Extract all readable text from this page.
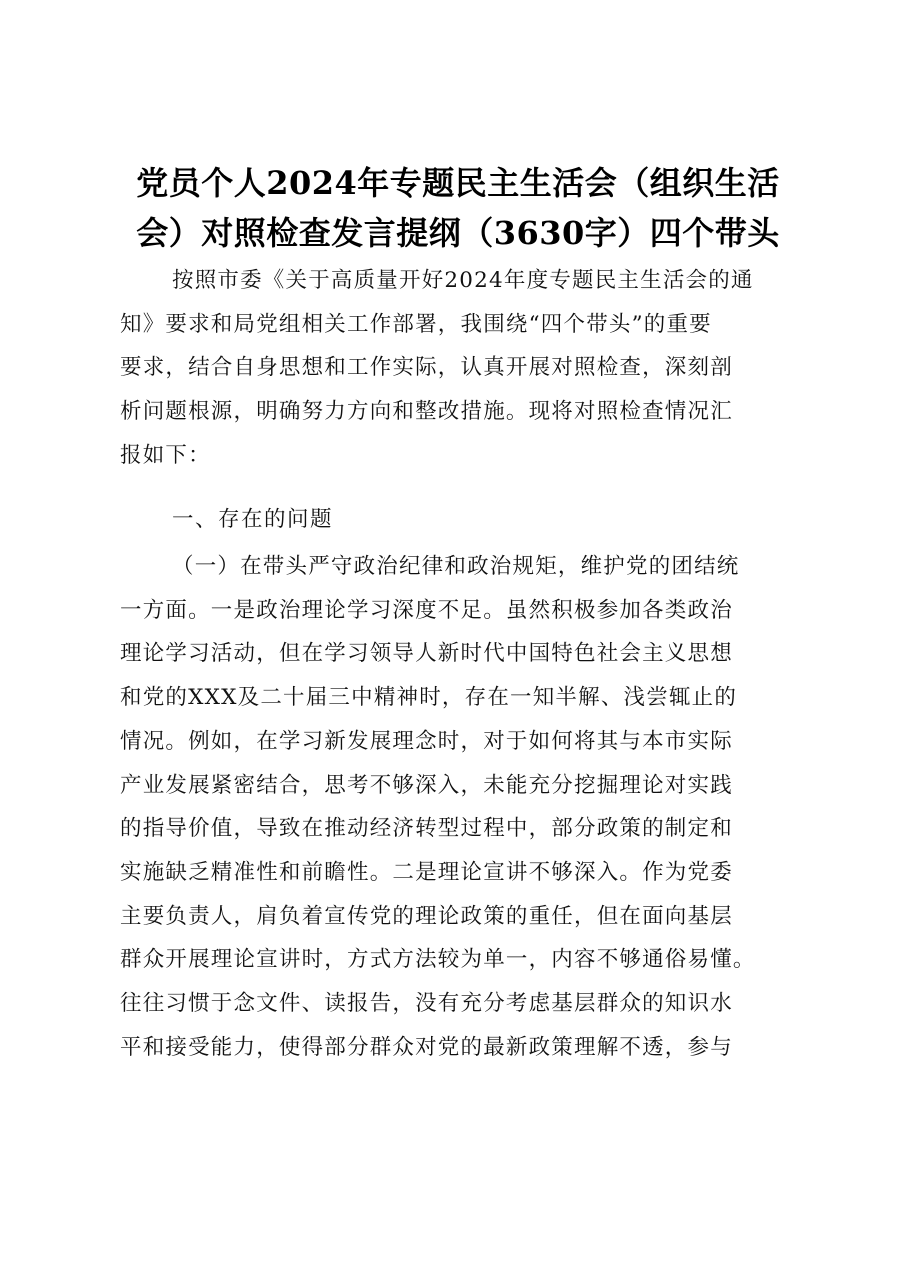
党员个人2024年专题民主生活会（组织生活
会）对照检查发言提纲（3630字）四个带头
按照市委《关于高质量开好2024年度专题民主生活会的通
知》要求和局党组相关工作部署，我围绕“四个带头”的重要
要求，结合自身思想和工作实际，认真开展对照检查，深刻剖
析问题根源，明确努力方向和整改措施。现将对照检查情况汇
报如下：
一、存在的问题
（一）在带头严守政治纪律和政治规矩，维护党的团结统
一方面。一是政治理论学习深度不足。虽然积极参加各类政治
理论学习活动，但在学习领导人新时代中国特色社会主义思想
和党的XXX及二十届三中精神时，存在一知半解、浅尝辄止的
情况。例如，在学习新发展理念时，对于如何将其与本市实际
产业发展紧密结合，思考不够深入，未能充分挖掘理论对实践
的指导价值，导致在推动经济转型过程中，部分政策的制定和
实施缺乏精准性和前瞻性。二是理论宣讲不够深入。作为党委
主要负责人，肩负着宣传党的理论政策的重任，但在面向基层
群众开展理论宣讲时，方式方法较为单一，内容不够通俗易懂。
往往习惯于念文件、读报告，没有充分考虑基层群众的知识水
平和接受能力，使得部分群众对党的最新政策理解不透，参与
